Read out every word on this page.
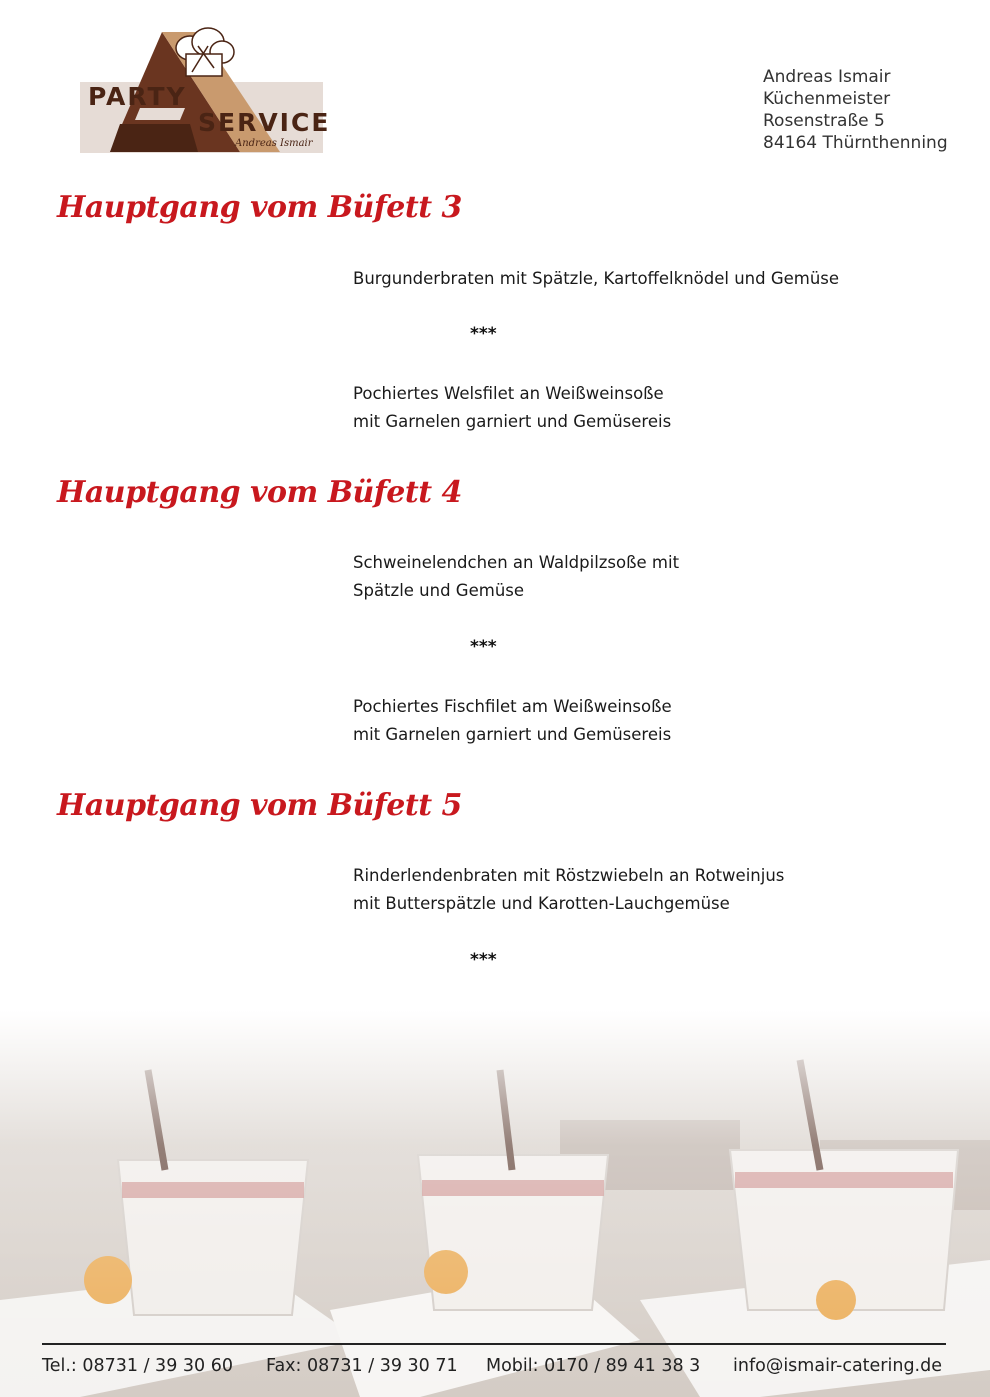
PARTY
SERVICE
Andreas Ismair
Andreas Ismair
Küchenmeister
Rosenstraße 5
84164 Thürnthenning
Hauptgang vom Büfett 3
Burgunderbraten mit Spätzle, Kartoffelknödel und Gemüse
***
Pochiertes Welsfilet an Weißweinsoße
mit Garnelen garniert und Gemüsereis
Hauptgang vom Büfett 4
Schweinelendchen an Waldpilzsoße mit
Spätzle und Gemüse
***
Pochiertes Fischfilet am Weißweinsoße
mit Garnelen garniert und Gemüsereis
Hauptgang vom Büfett 5
Rinderlendenbraten mit Röstzwiebeln an Rotweinjus
mit Butterspätzle und Karotten-Lauchgemüse
***
Tel.: 08731 / 39 30 60 Fax: 08731 / 39 30 71 Mobil: 0170 / 89 41 38 3 info@ismair-catering.de
